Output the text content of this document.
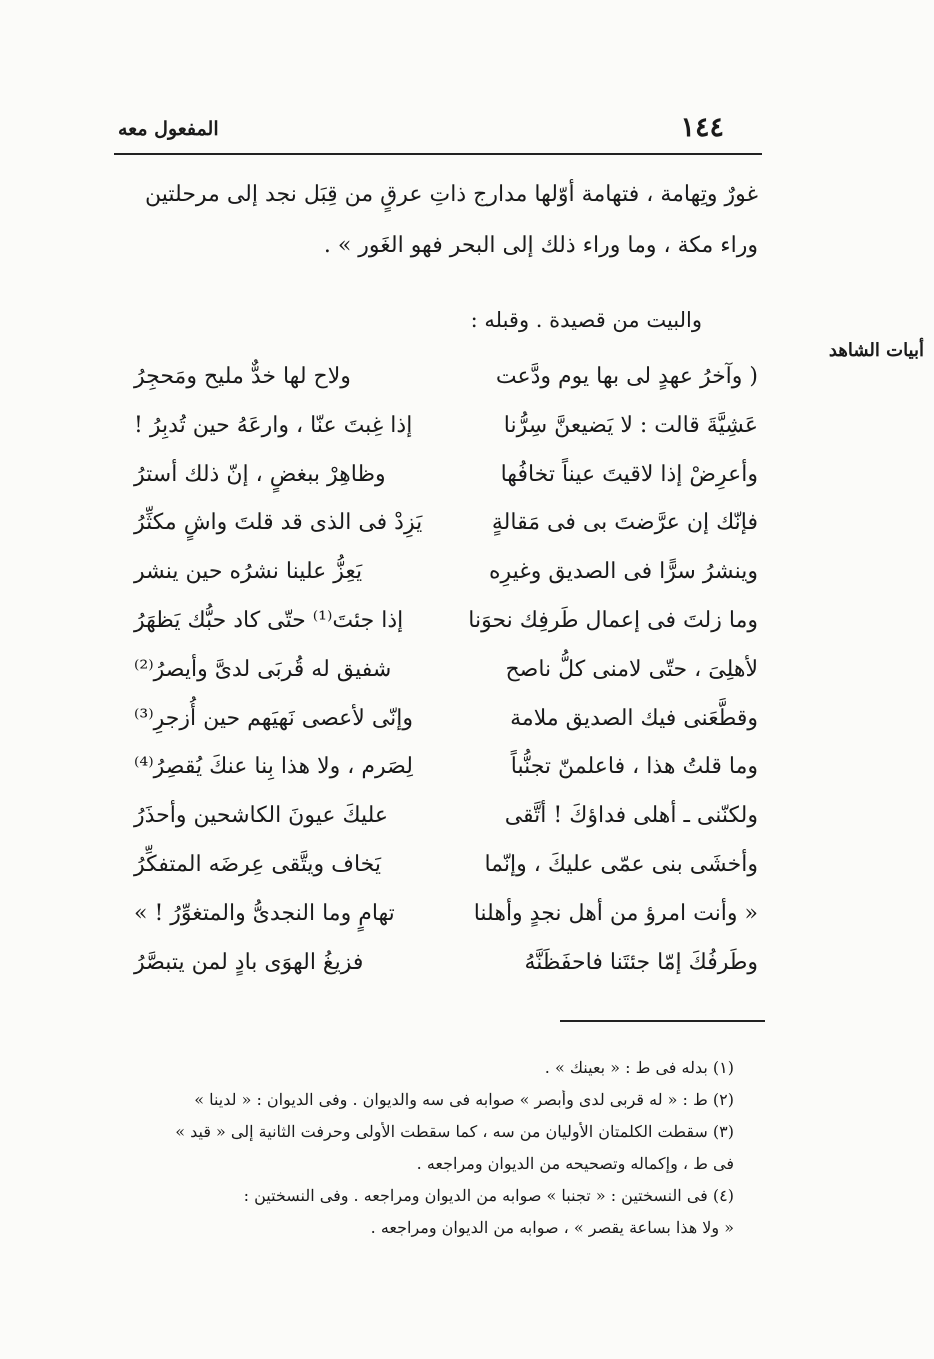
١٤٤
المفعول معه
غورٌ وتِهامة ، فتهامة أوّلها مدارج ذاتِ عرقٍ من قِبَل نجد إلى مرحلتين
وراء مكة ، وما وراء ذلك إلى البحر فهو الغَور » .
والبيت من قصيدة . وقبله :
أبيات الشاهد
( وآخرُ عهدٍ لى بها يوم ودَّعت
ولاح لها خدٌّ مليح ومَحجِرُ
عَشِيَّةَ قالت : لا يَضيعنَّ سِرُّنا
إذا غِبتَ عنّا ، وارعَهُ حين تُدبِرُ !
وأعرِضْ إذا لاقيتَ عيناً تخافُها
وظاهِرْ ببغضٍ ، إنّ ذلك أسترُ
فإنّك إن عرَّضتَ بى فى مَقالةٍ
يَزِدْ فى الذى قد قلتَ واشٍ مكثِّرُ
وينشرُ سرًّا فى الصديق وغيرِه
يَعِزُّ علينا نشرُه حين ينشر
وما زلتَ فى إعمال طَرفِك نحوَنا
إذا جئتَ⁽¹⁾ حتّى كاد حبُّك يَظهَرُ
لأهلِىَ ، حتّى لامنى كلُّ ناصح
شفيق له قُربَى لدىَّ وأيصرُ⁽²⁾
وقطَّعَنى فيك الصديق ملامة
وإنّى لأعصى نَهيَهم حين أُزجرِ⁽³⁾
وما قلتُ هذا ، فاعلمنّ تجنُّباً
لِصَرم ، ولا هذا بِنا عنكَ يُقصِرُ⁽⁴⁾
ولكنّنى ـ أهلى فداؤكَ ! أتَّقى
عليكَ عيونَ الكاشحين وأحذَرُ
وأخشَى بنى عمّى عليكَ ، وإنّما
يَخاف ويتَّقى عِرضَه المتفكِّرُ
« وأنت امرؤ من أهل نجدٍ وأهلنا
تهامٍ وما النجدىُّ والمتغوِّرُ ! »
وطَرفُكَ إمّا جئتَنا فاحفَظَنَّهُ
فزيغُ الهوَى بادٍ لمن يتبصَّرُ
(١) بدله فى ط : « بعينك » .
(٢) ط : « له قربى لدى وأبصر » صوابه فى سه والديوان . وفى الديوان : « لدينا »
(٣) سقطت الكلمتان الأوليان من سه ، كما سقطت الأولى وحرفت الثانية إلى « قيد »
فى ط ، وإكماله وتصحيحه من الديوان ومراجعه .
(٤) فى النسختين : « تجنبا » صوابه من الديوان ومراجعه . وفى النسختين :
« ولا هذا بساعة يقصر » ، صوابه من الديوان ومراجعه .
